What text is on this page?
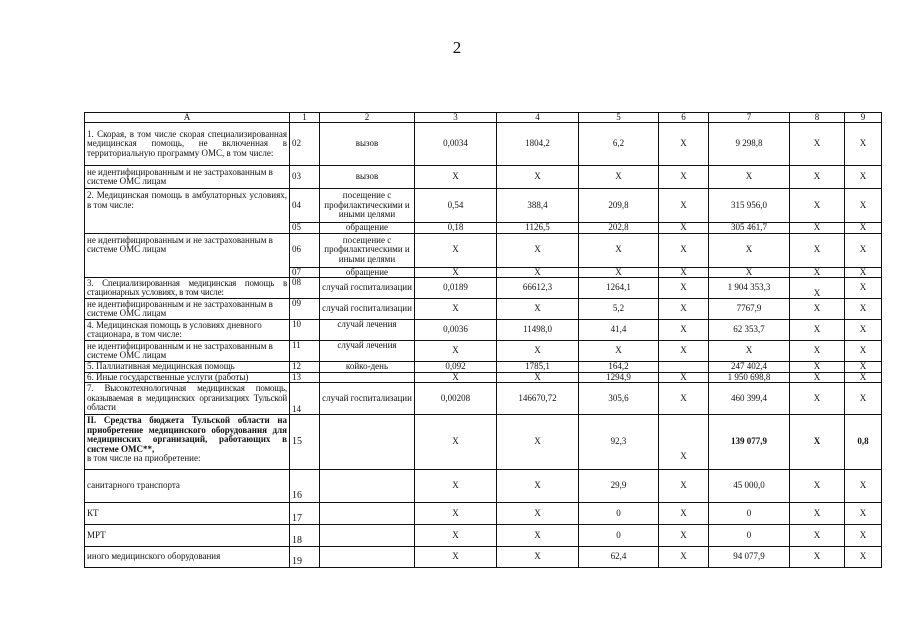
2
А	1	2	3	4	5	6	7	8	9
1. Скорая, в том числе скорая специализированная медицинская помощь, не включенная в территориальную программу ОМС, в том числе:	02	вызов	0,0034	1804,2	6,2	X	9 298,8	X	X
не идентифицированным и не застрахованным в системе ОМС лицам	03	вызов	X	X	X	X	X	X	X
2. Медицинская помощь в амбулаторных условиях, в том числе:	04	посещение с профилактическими и иными целями	0,54	388,4	209,8	X	315 956,0	X	X
	05	обращение	0,18	1126,5	202,8	X	305 461,7	X	X
не идентифицированным и не застрахованным в системе ОМС лицам	06	посещение с профилактическими и иными целями	X	X	X	X	X	X	X
	07	обращение	X	X	X	X	X	X	X
3. Специализированная медицинская помощь в стационарных условиях, в том числе:	08	случай госпитализации	0,0189	66612,3	1264,1	X	1 904 353,3	X	X
не идентифицированным и не застрахованным в системе ОМС лицам	09	случай госпитализации	X	X	5,2	X	7767,9	X	X
4. Медицинская помощь в условиях дневного стационара, в том числе:	10	случай лечения	0,0036	11498,0	41,4	X	62 353,7	X	X
не идентифицированным и не застрахованным в системе ОМС лицам	11	случай лечения	X	X	X	X	X	X	X
5. Паллиативная медицинская помощь	12	койко-день	0,092	1785,1	164,2		247 402,4	X	X
6. Иные государственные услуги (работы)	13		X	X	1294,9	X	1 950 698,8	X	X
7. Высокотехнологичная медицинская помощь, оказываемая в медицинских организациях Тульской области	14	случай госпитализации	0,00208	146670,72	305,6	X	460 399,4	X	X

II. Средства бюджета Тульской области на приобретение медицинского оборудования для медицинских организаций, работающих в системе ОМС**,
в том числе на приобретение:	15		X	X	92,3	X	139 077,9	X	0,8
санитарного транспорта	16		X	X	29,9	X	45 000,0	X	X
КТ	17		X	X	0	X	0	X	X
МРТ	18		X	X	0	X	0	X	X
иного медицинского оборудования	19		X	X	62,4	X	94 077,9	X	X
